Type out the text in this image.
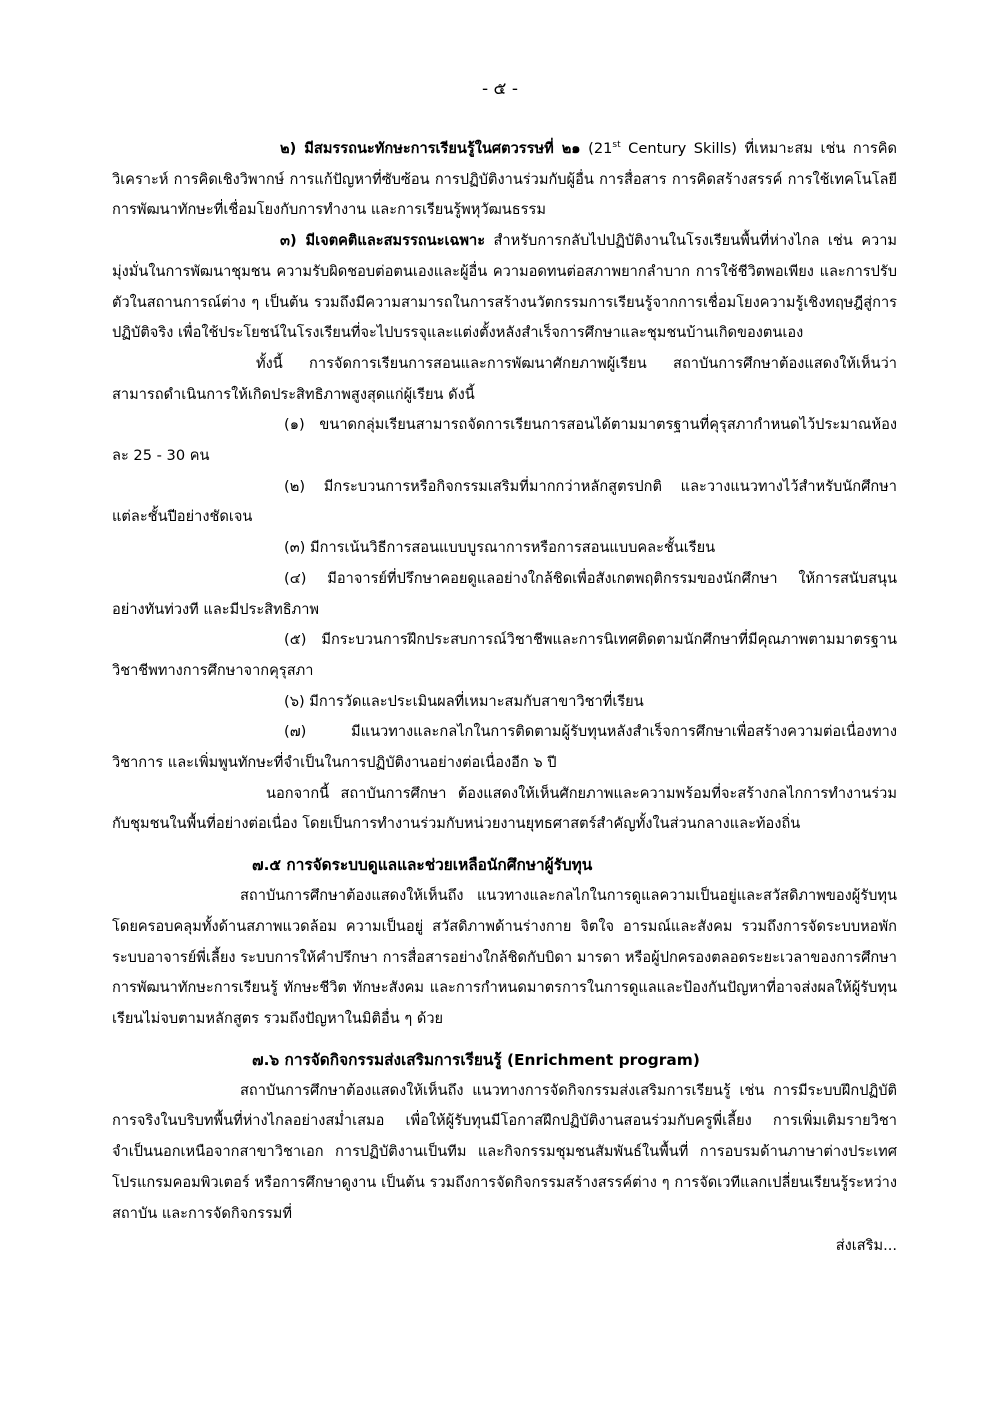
- ๕ -

๒) มีสมรรถนะทักษะการเรียนรู้ในศตวรรษที่ ๒๑ (21st Century Skills) ที่เหมาะสม เช่น การคิดวิเคราะห์ การคิดเชิงวิพากษ์ การแก้ปัญหาที่ซับซ้อน การปฏิบัติงานร่วมกับผู้อื่น การสื่อสาร การคิดสร้างสรรค์ การใช้เทคโนโลยี การพัฒนาทักษะที่เชื่อมโยงกับการทำงาน และการเรียนรู้พหุวัฒนธรรม

๓) มีเจตคติและสมรรถนะเฉพาะ สำหรับการกลับไปปฏิบัติงานในโรงเรียนพื้นที่ห่างไกล เช่น ความมุ่งมั่นในการพัฒนาชุมชน ความรับผิดชอบต่อตนเองและผู้อื่น ความอดทนต่อสภาพยากลำบาก การใช้ชีวิตพอเพียง และการปรับตัวในสถานการณ์ต่าง ๆ เป็นต้น รวมถึงมีความสามารถในการสร้างนวัตกรรมการเรียนรู้จากการเชื่อมโยงความรู้เชิงทฤษฎีสู่การปฏิบัติจริง เพื่อใช้ประโยชน์ในโรงเรียนที่จะไปบรรจุและแต่งตั้งหลังสำเร็จการศึกษาและชุมชนบ้านเกิดของตนเอง

ทั้งนี้ การจัดการเรียนการสอนและการพัฒนาศักยภาพผู้เรียน สถาบันการศึกษาต้องแสดงให้เห็นว่าสามารถดำเนินการให้เกิดประสิทธิภาพสูงสุดแก่ผู้เรียน ดังนี้

(๑) ขนาดกลุ่มเรียนสามารถจัดการเรียนการสอนได้ตามมาตรฐานที่คุรุสภากำหนดไว้ประมาณห้องละ 25 - 30 คน

(๒) มีกระบวนการหรือกิจกรรมเสริมที่มากกว่าหลักสูตรปกติ และวางแนวทางไว้สำหรับนักศึกษาแต่ละชั้นปีอย่างชัดเจน

(๓) มีการเน้นวิธีการสอนแบบบูรณาการหรือการสอนแบบคละชั้นเรียน

(๔) มีอาจารย์ที่ปรึกษาคอยดูแลอย่างใกล้ชิดเพื่อสังเกตพฤติกรรมของนักศึกษา ให้การสนับสนุนอย่างทันท่วงที และมีประสิทธิภาพ

(๕) มีกระบวนการฝึกประสบการณ์วิชาชีพและการนิเทศติดตามนักศึกษาที่มีคุณภาพตามมาตรฐานวิชาชีพทางการศึกษาจากคุรุสภา

(๖) มีการวัดและประเมินผลที่เหมาะสมกับสาขาวิชาที่เรียน

(๗) มีแนวทางและกลไกในการติดตามผู้รับทุนหลังสำเร็จการศึกษาเพื่อสร้างความต่อเนื่องทางวิชาการ และเพิ่มพูนทักษะที่จำเป็นในการปฏิบัติงานอย่างต่อเนื่องอีก ๖ ปี

นอกจากนี้ สถาบันการศึกษา ต้องแสดงให้เห็นศักยภาพและความพร้อมที่จะสร้างกลไกการทำงานร่วมกับชุมชนในพื้นที่อย่างต่อเนื่อง โดยเป็นการทำงานร่วมกับหน่วยงานยุทธศาสตร์สำคัญทั้งในส่วนกลางและท้องถิ่น

๗.๕ การจัดระบบดูแลและช่วยเหลือนักศึกษาผู้รับทุน

สถาบันการศึกษาต้องแสดงให้เห็นถึง แนวทางและกลไกในการดูแลความเป็นอยู่และสวัสดิภาพของผู้รับทุน โดยครอบคลุมทั้งด้านสภาพแวดล้อม ความเป็นอยู่ สวัสดิภาพด้านร่างกาย จิตใจ อารมณ์และสังคม รวมถึงการจัดระบบหอพัก ระบบอาจารย์พี่เลี้ยง ระบบการให้คำปรึกษา การสื่อสารอย่างใกล้ชิดกับบิดา มารดา หรือผู้ปกครองตลอดระยะเวลาของการศึกษา การพัฒนาทักษะการเรียนรู้ ทักษะชีวิต ทักษะสังคม และการกำหนดมาตรการในการดูแลและป้องกันปัญหาที่อาจส่งผลให้ผู้รับทุนเรียนไม่จบตามหลักสูตร รวมถึงปัญหาในมิติอื่น ๆ ด้วย

๗.๖ การจัดกิจกรรมส่งเสริมการเรียนรู้ (Enrichment program)

สถาบันการศึกษาต้องแสดงให้เห็นถึง แนวทางการจัดกิจกรรมส่งเสริมการเรียนรู้ เช่น การมีระบบฝึกปฏิบัติการจริงในบริบทพื้นที่ห่างไกลอย่างสม่ำเสมอ เพื่อให้ผู้รับทุนมีโอกาสฝึกปฏิบัติงานสอนร่วมกับครูพี่เลี้ยง การเพิ่มเติมรายวิชาจำเป็นนอกเหนือจากสาขาวิชาเอก การปฏิบัติงานเป็นทีม และกิจกรรมชุมชนสัมพันธ์ในพื้นที่ การอบรมด้านภาษาต่างประเทศ โปรแกรมคอมพิวเตอร์ หรือการศึกษาดูงาน เป็นต้น รวมถึงการจัดกิจกรรมสร้างสรรค์ต่าง ๆ การจัดเวทีแลกเปลี่ยนเรียนรู้ระหว่างสถาบัน และการจัดกิจกรรมที่

ส่งเสริม...
